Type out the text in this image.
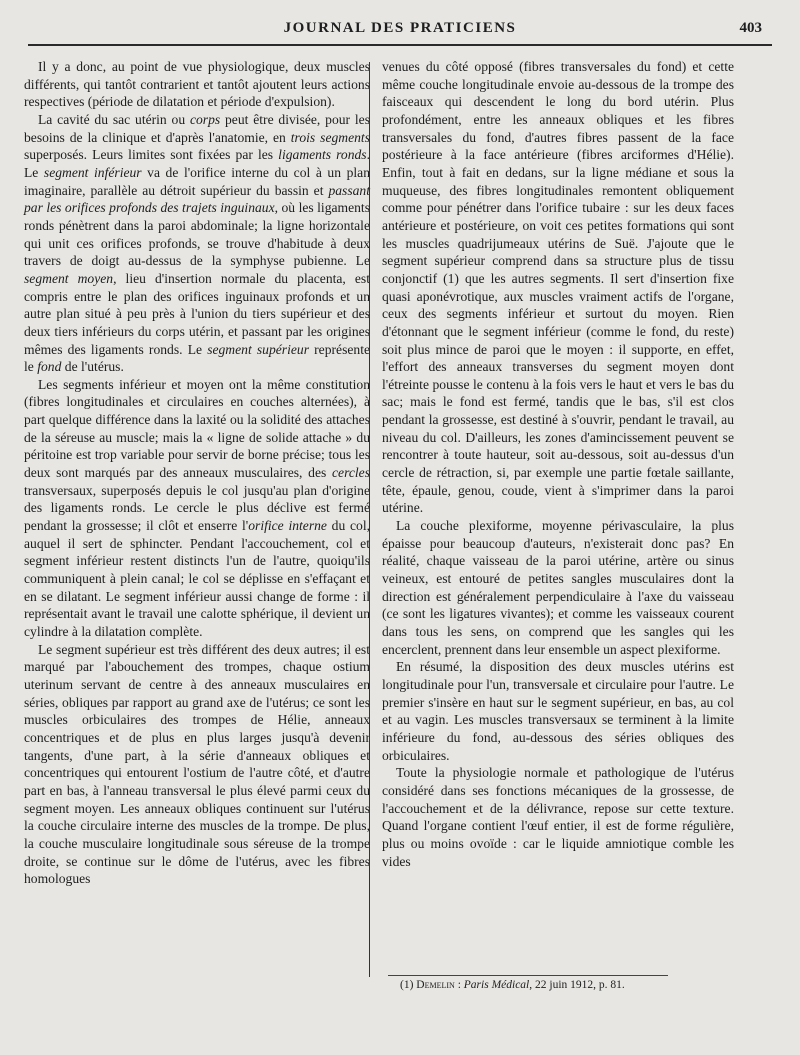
JOURNAL DES PRATICIENS	403

Il y a donc, au point de vue physiologique, deux muscles différents, qui tantôt contrarient et tantôt ajoutent leurs actions respectives (période de dilatation et période d'expulsion).

La cavité du sac utérin ou corps peut être divisée, pour les besoins de la clinique et d'après l'anatomie, en trois segments superposés. Leurs limites sont fixées par les ligaments ronds. Le segment inférieur va de l'orifice interne du col à un plan imaginaire, parallèle au détroit supérieur du bassin et passant par les orifices profonds des trajets inguinaux, où les ligaments ronds pénètrent dans la paroi abdominale; la ligne horizontale qui unit ces orifices profonds, se trouve d'habitude à deux travers de doigt au-dessus de la symphyse pubienne. Le segment moyen, lieu d'insertion normale du placenta, est compris entre le plan des orifices inguinaux profonds et un autre plan situé à peu près à l'union du tiers supérieur et des deux tiers inférieurs du corps utérin, et passant par les origines mêmes des ligaments ronds. Le segment supérieur représente le fond de l'utérus.

Les segments inférieur et moyen ont la même constitution (fibres longitudinales et circulaires en couches alternées), à part quelque différence dans la laxité ou la solidité des attaches de la séreuse au muscle; mais la « ligne de solide attache » du péritoine est trop variable pour servir de borne précise; tous les deux sont marqués par des anneaux musculaires, des cercles transversaux, superposés depuis le col jusqu'au plan d'origine des ligaments ronds. Le cercle le plus déclive est fermé pendant la grossesse; il clôt et enserre l'orifice interne du col, auquel il sert de sphincter. Pendant l'accouchement, col et segment inférieur restent distincts l'un de l'autre, quoiqu'ils communiquent à plein canal; le col se déplisse en s'effaçant et en se dilatant. Le segment inférieur aussi change de forme : il représentait avant le travail une calotte sphérique, il devient un cylindre à la dilatation complète.

Le segment supérieur est très différent des deux autres; il est marqué par l'abouchement des trompes, chaque ostium uterinum servant de centre à des anneaux musculaires en séries, obliques par rapport au grand axe de l'utérus; ce sont les muscles orbiculaires des trompes de Hélie, anneaux concentriques et de plus en plus larges jusqu'à devenir tangents, d'une part, à la série d'anneaux obliques et concentriques qui entourent l'ostium de l'autre côté, et d'autre part en bas, à l'anneau transversal le plus élevé parmi ceux du segment moyen. Les anneaux obliques continuent sur l'utérus la couche circulaire interne des muscles de la trompe. De plus, la couche musculaire longitudinale sous séreuse de la trompe droite, se continue sur le dôme de l'utérus, avec les fibres homologues

venues du côté opposé (fibres transversales du fond) et cette même couche longitudinale envoie au-dessous de la trompe des faisceaux qui descendent le long du bord utérin. Plus profondément, entre les anneaux obliques et les fibres transversales du fond, d'autres fibres passent de la face postérieure à la face antérieure (fibres arciformes d'Hélie). Enfin, tout à fait en dedans, sur la ligne médiane et sous la muqueuse, des fibres longitudinales remontent obliquement comme pour pénétrer dans l'orifice tubaire : sur les deux faces antérieure et postérieure, on voit ces petites formations qui sont les muscles quadrijumeaux utérins de Suë. J'ajoute que le segment supérieur comprend dans sa structure plus de tissu conjonctif (1) que les autres segments. Il sert d'insertion fixe quasi aponévrotique, aux muscles vraiment actifs de l'organe, ceux des segments inférieur et surtout du moyen. Rien d'étonnant que le segment inférieur (comme le fond, du reste) soit plus mince de paroi que le moyen : il supporte, en effet, l'effort des anneaux transverses du segment moyen dont l'étreinte pousse le contenu à la fois vers le haut et vers le bas du sac; mais le fond est fermé, tandis que le bas, s'il est clos pendant la grossesse, est destiné à s'ouvrir, pendant le travail, au niveau du col. D'ailleurs, les zones d'amincissement peuvent se rencontrer à toute hauteur, soit au-dessous, soit au-dessus d'un cercle de rétraction, si, par exemple une partie fœtale saillante, tête, épaule, genou, coude, vient à s'imprimer dans la paroi utérine.

La couche plexiforme, moyenne périvasculaire, la plus épaisse pour beaucoup d'auteurs, n'existerait donc pas? En réalité, chaque vaisseau de la paroi utérine, artère ou sinus veineux, est entouré de petites sangles musculaires dont la direction est généralement perpendiculaire à l'axe du vaisseau (ce sont les ligatures vivantes); et comme les vaisseaux courent dans tous les sens, on comprend que les sangles qui les encerclent, prennent dans leur ensemble un aspect plexiforme.

En résumé, la disposition des deux muscles utérins est longitudinale pour l'un, transversale et circulaire pour l'autre. Le premier s'insère en haut sur le segment supérieur, en bas, au col et au vagin. Les muscles transversaux se terminent à la limite inférieure du fond, au-dessous des séries obliques des orbiculaires.

Toute la physiologie normale et pathologique de l'utérus considéré dans ses fonctions mécaniques de la grossesse, de l'accouchement et de la délivrance, repose sur cette texture. Quand l'organe contient l'œuf entier, il est de forme régulière, plus ou moins ovoïde : car le liquide amniotique comble les vides

(1) Demelin : Paris Médical, 22 juin 1912, p. 81.
